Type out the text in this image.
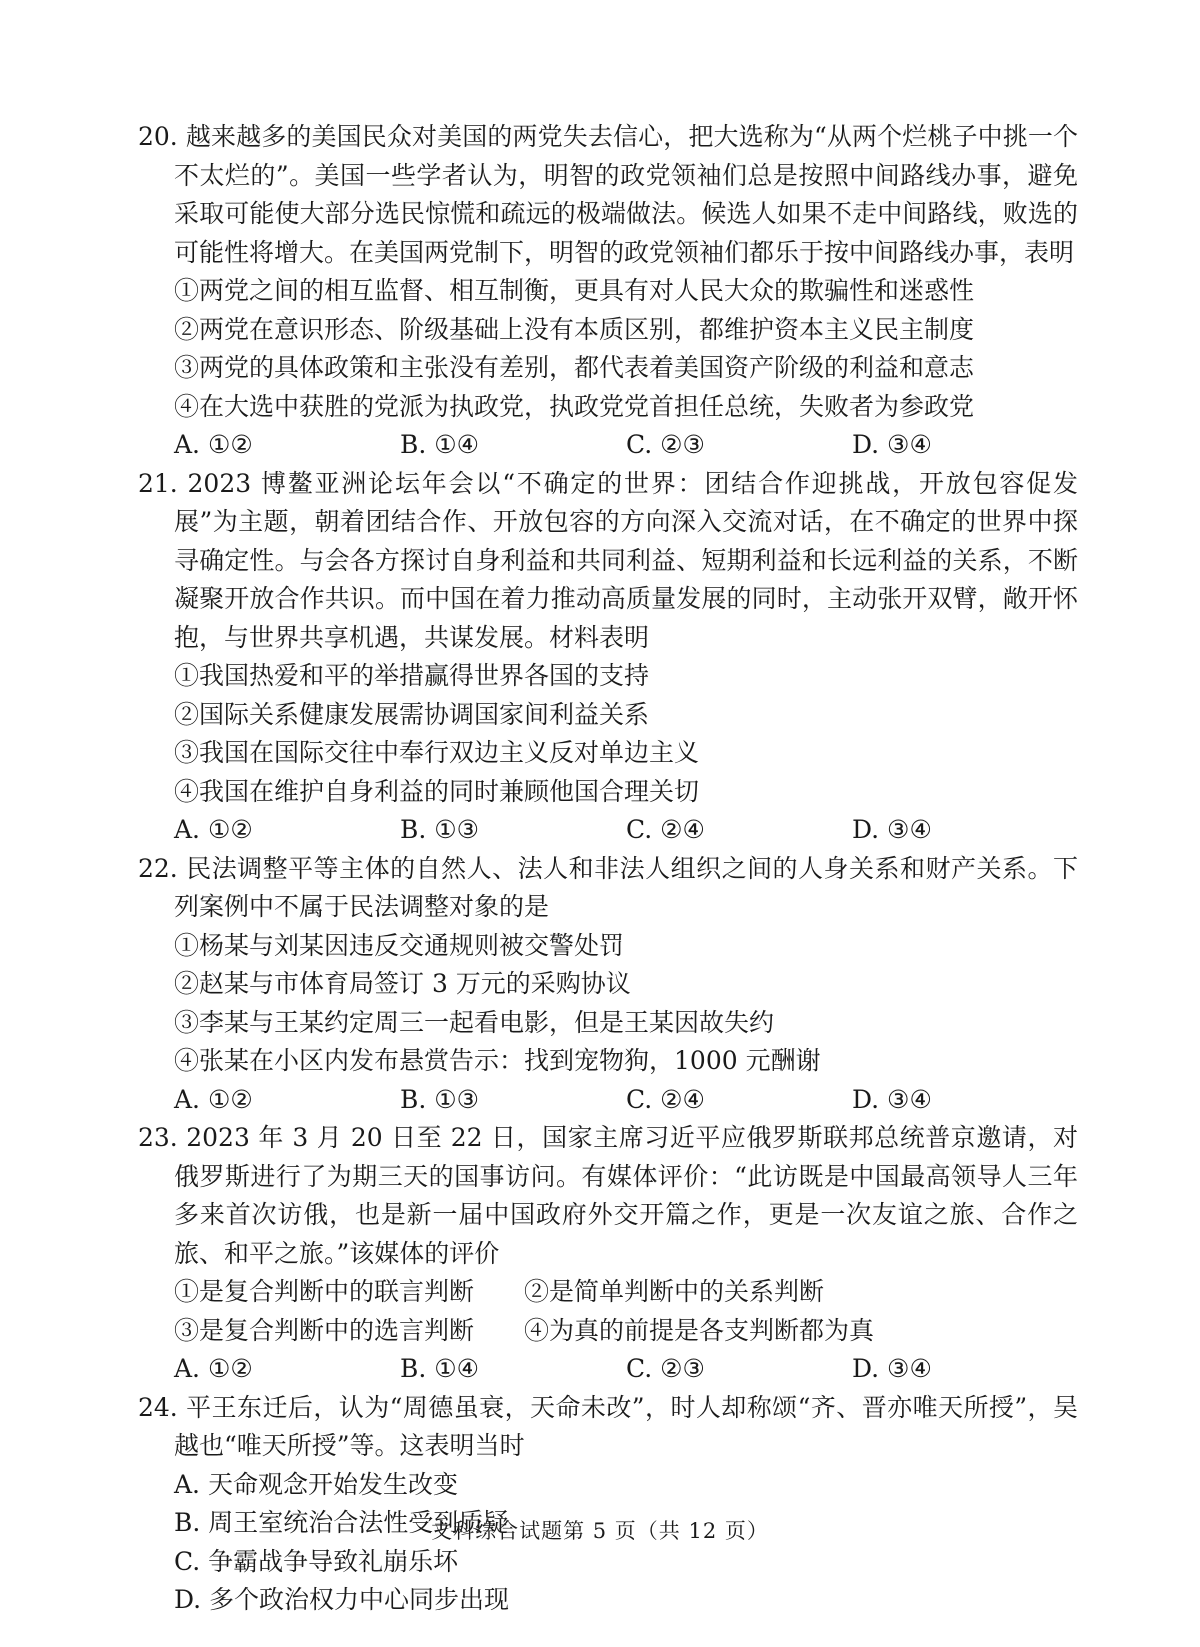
20. 越来越多的美国民众对美国的两党失去信心，把大选称为“从两个烂桃子中挑一个不太烂的”。美国一些学者认为，明智的政党领袖们总是按照中间路线办事，避免采取可能使大部分选民惊慌和疏远的极端做法。候选人如果不走中间路线，败选的可能性将增大。在美国两党制下，明智的政党领袖们都乐于按中间路线办事，表明

①两党之间的相互监督、相互制衡，更具有对人民大众的欺骗性和迷惑性

②两党在意识形态、阶级基础上没有本质区别，都维护资本主义民主制度

③两党的具体政策和主张没有差别，都代表着美国资产阶级的利益和意志

④在大选中获胜的党派为执政党，执政党党首担任总统，失败者为参政党

A. ①②	B. ①④	C. ②③	D. ③④

21. 2023 博鳌亚洲论坛年会以“不确定的世界：团结合作迎挑战，开放包容促发展”为主题，朝着团结合作、开放包容的方向深入交流对话，在不确定的世界中探寻确定性。与会各方探讨自身利益和共同利益、短期利益和长远利益的关系，不断凝聚开放合作共识。而中国在着力推动高质量发展的同时，主动张开双臂，敞开怀抱，与世界共享机遇，共谋发展。材料表明

①我国热爱和平的举措赢得世界各国的支持

②国际关系健康发展需协调国家间利益关系

③我国在国际交往中奉行双边主义反对单边主义

④我国在维护自身利益的同时兼顾他国合理关切

A. ①②	B. ①③	C. ②④	D. ③④

22. 民法调整平等主体的自然人、法人和非法人组织之间的人身关系和财产关系。下列案例中不属于民法调整对象的是

①杨某与刘某因违反交通规则被交警处罚

②赵某与市体育局签订 3 万元的采购协议

③李某与王某约定周三一起看电影，但是王某因故失约

④张某在小区内发布悬赏告示：找到宠物狗，1000 元酬谢

A. ①②	B. ①③	C. ②④	D. ③④

23. 2023 年 3 月 20 日至 22 日，国家主席习近平应俄罗斯联邦总统普京邀请，对俄罗斯进行了为期三天的国事访问。有媒体评价：“此访既是中国最高领导人三年多来首次访俄，也是新一届中国政府外交开篇之作，更是一次友谊之旅、合作之旅、和平之旅。”该媒体的评价

①是复合判断中的联言判断	②是简单判断中的关系判断
③是复合判断中的选言判断	④为真的前提是各支判断都为真
A. ①②	B. ①④	C. ②③	D. ③④

24. 平王东迁后，认为“周德虽衰，天命未改”，时人却称颂“齐、晋亦唯天所授”，吴越也“唯天所授”等。这表明当时

A. 天命观念开始发生改变
B. 周王室统治合法性受到质疑
C. 争霸战争导致礼崩乐坏
D. 多个政治权力中心同步出现
文科综合试题第 5 页（共 12 页）
